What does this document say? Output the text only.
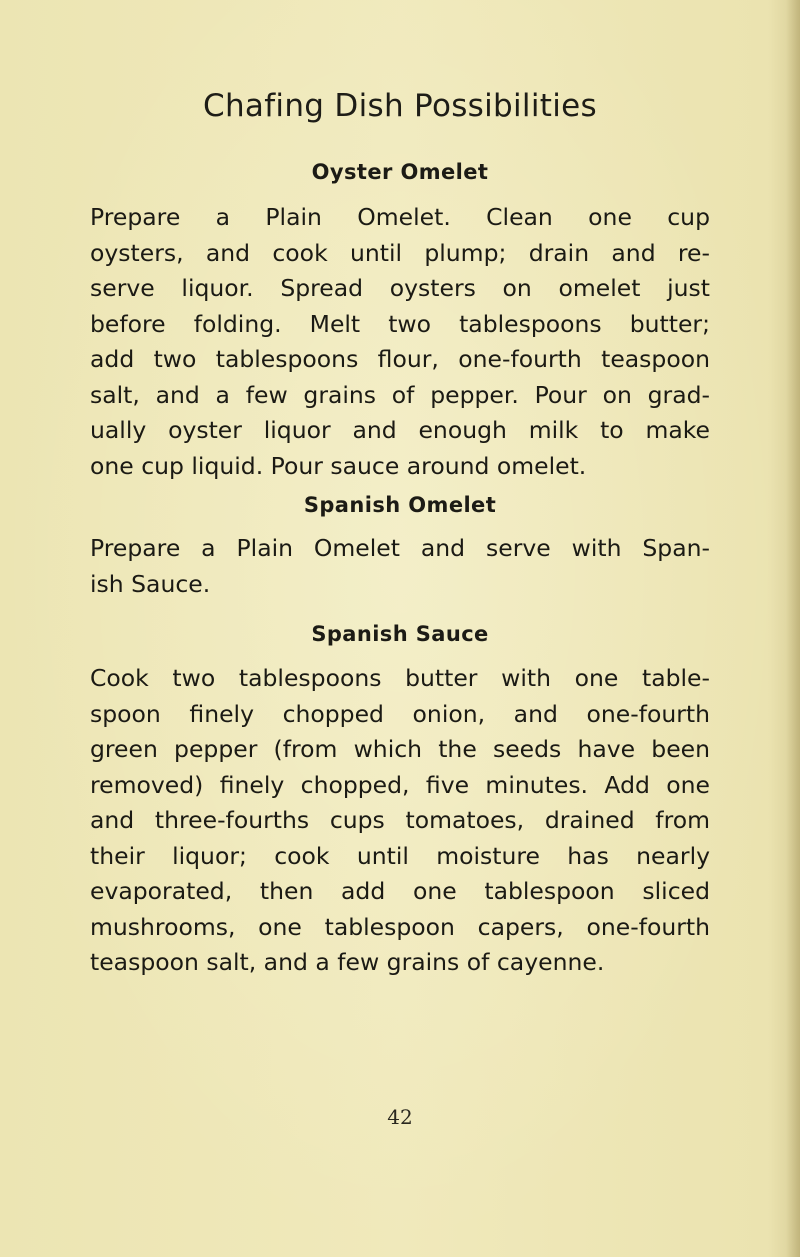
Chafing Dish Possibilities
Oyster Omelet
Prepare a Plain Omelet. Clean one cup
oysters, and cook until plump; drain and re-
serve liquor. Spread oysters on omelet just
before folding. Melt two tablespoons butter;
add two tablespoons flour, one-fourth teaspoon
salt, and a few grains of pepper. Pour on grad-
ually oyster liquor and enough milk to make
one cup liquid. Pour sauce around omelet.
Spanish Omelet
Prepare a Plain Omelet and serve with Span-
ish Sauce.
Spanish Sauce
Cook two tablespoons butter with one table-
spoon finely chopped onion, and one-fourth
green pepper (from which the seeds have been
removed) finely chopped, five minutes. Add one
and three-fourths cups tomatoes, drained from
their liquor; cook until moisture has nearly
evaporated, then add one tablespoon sliced
mushrooms, one tablespoon capers, one-fourth
teaspoon salt, and a few grains of cayenne.
42
